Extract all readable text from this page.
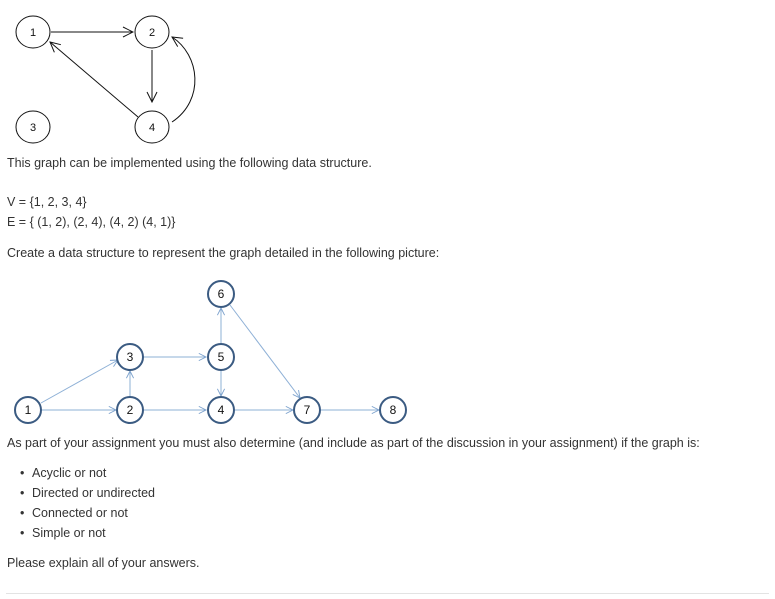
1	2
3	4

This graph can be implemented using the following data structure.

V = {1, 2, 3, 4}

E = { (1, 2), (2, 4), (4, 2) (4, 1)}

Create a data structure to represent the graph detailed in the following picture:

1	2
3
4
5
6
7	8

As part of your assignment you must also determine (and include as part of the discussion in your assignment) if the graph is:

• Acyclic or not
• Directed or undirected
• Connected or not
• Simple or not

Please explain all of your answers.
